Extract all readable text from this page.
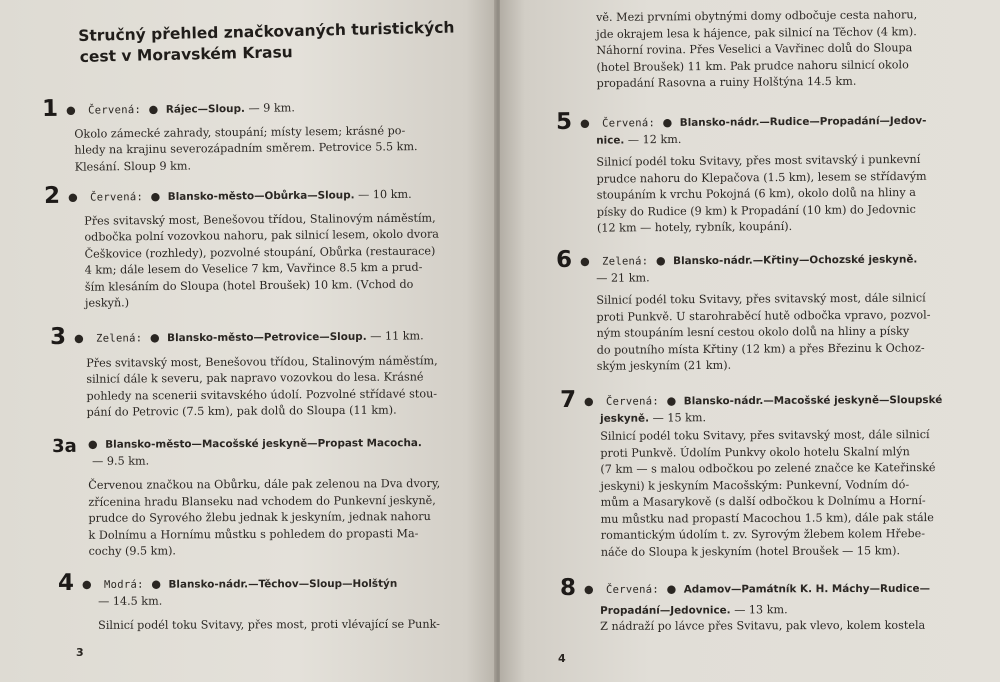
Stručný přehled značkovaných turistických
cest v Moravském Krasu
1 ● Červená: ● Rájec—Sloup. — 9 km.
Okolo zámecké zahrady, stoupání; místy lesem; krásné po-
hledy na krajinu severozápadním směrem. Petrovice 5.5 km.
Klesání. Sloup 9 km.
2 ● Červená: ● Blansko-město—Obůrka—Sloup. — 10 km.
Přes svitavský most, Benešovou třídou, Stalinovým náměstím,
odbočka polní vozovkou nahoru, pak silnicí lesem, okolo dvora
Češkovice (rozhledy), pozvolné stoupání, Obůrka (restaurace)
4 km; dále lesem do Veselice 7 km, Vavřince 8.5 km a prud-
ším klesáním do Sloupa (hotel Broušek) 10 km. (Vchod do
jeskyň.)
3 ● Zelená: ● Blansko-město—Petrovice—Sloup. — 11 km.
Přes svitavský most, Benešovou třídou, Stalinovým náměstím,
silnicí dále k severu, pak napravo vozovkou do lesa. Krásné
pohledy na scenerii svitavského údolí. Pozvolné střídavé stou-
pání do Petrovic (7.5 km), pak dolů do Sloupa (11 km).
3a ● Blansko-město—Macošské jeskyně—Propast Macocha.
— 9.5 km.
Červenou značkou na Obůrku, dále pak zelenou na Dva dvory,
zřícenina hradu Blanseku nad vchodem do Punkevní jeskyně,
prudce do Syrového žlebu jednak k jeskyním, jednak nahoru
k Dolnímu a Hornímu můstku s pohledem do propasti Ma-
cochy (9.5 km).
4 ● Modrá: ● Blansko-nádr.—Těchov—Sloup—Holštýn
— 14.5 km.
Silnicí podél toku Svitavy, přes most, proti vlévající se Punk-
3
vě. Mezi prvními obytnými domy odbočuje cesta nahoru,
jde okrajem lesa k hájence, pak silnicí na Těchov (4 km).
Náhorní rovina. Přes Veselici a Vavřinec dolů do Sloupa
(hotel Broušek) 11 km. Pak prudce nahoru silnicí okolo
propadání Rasovna a ruiny Holštýna 14.5 km.
5 ● Červená: ● Blansko-nádr.—Rudice—Propadání—Jedov-
nice. — 12 km.
Silnicí podél toku Svitavy, přes most svitavský i punkevní
prudce nahoru do Klepačova (1.5 km), lesem se střídavým
stoupáním k vrchu Pokojná (6 km), okolo dolů na hliny a
písky do Rudice (9 km) k Propadání (10 km) do Jedovnic
(12 km — hotely, rybník, koupání).
6 ● Zelená: ● Blansko-nádr.—Křtiny—Ochozské jeskyně.
— 21 km.
Silnicí podél toku Svitavy, přes svitavský most, dále silnicí
proti Punkvě. U starohraběcí hutě odbočka vpravo, pozvol-
ným stoupáním lesní cestou okolo dolů na hliny a písky
do poutního místa Křtiny (12 km) a přes Březinu k Ochoz-
ským jeskyním (21 km).
7 ● Červená: ● Blansko-nádr.—Macošské jeskyně—Sloupské
jeskyně. — 15 km.
Silnicí podél toku Svitavy, přes svitavský most, dále silnicí
proti Punkvě. Údolím Punkvy okolo hotelu Skalní mlýn
(7 km — s malou odbočkou po zelené značce ke Kateřinské
jeskyni) k jeskyním Macošským: Punkevní, Vodním dó-
mům a Masarykově (s další odbočkou k Dolnímu a Horní-
mu můstku nad propastí Macochou 1.5 km), dále pak stále
romantickým údolím t. zv. Syrovým žlebem kolem Hřebe-
náče do Sloupa k jeskyním (hotel Broušek — 15 km).
8 ● Červená: ● Adamov—Památník K. H. Máchy—Rudice—
Propadání—Jedovnice. — 13 km.
Z nádraží po lávce přes Svitavu, pak vlevo, kolem kostela
4
